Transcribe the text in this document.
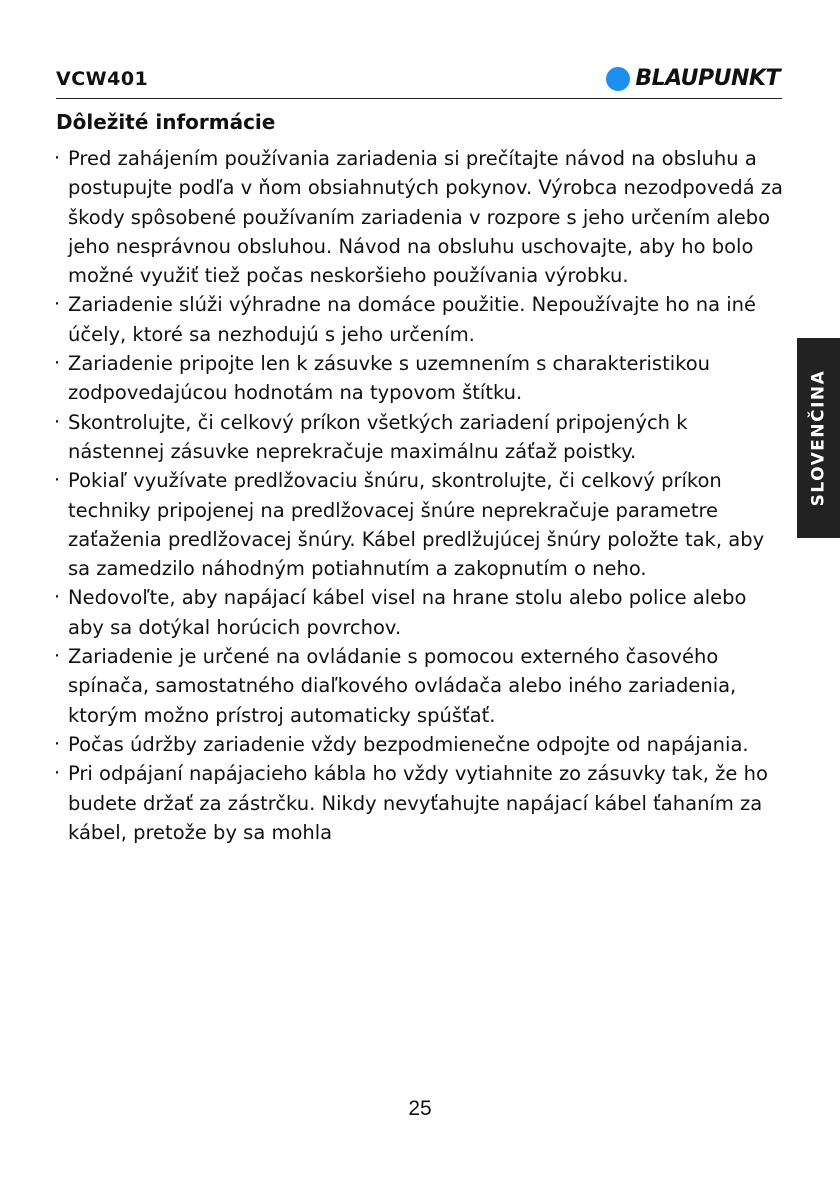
VCW401	BLAUPUNKT
Dôležité informácie
· Pred zahájením používania zariadenia si prečítajte návod na obsluhu a postupujte podľa v ňom obsiahnutých pokynov. Výrobca nezodpovedá za škody spôsobené používaním zariadenia v rozpore s jeho určením alebo jeho nesprávnou obsluhou. Návod na obsluhu uschovajte, aby ho bolo možné využiť tiež počas neskoršieho používania výrobku.
· Zariadenie slúži výhradne na domáce použitie. Nepoužívajte ho na iné účely, ktoré sa nezhodujú s jeho určením.
· Zariadenie pripojte len k zásuvke s uzemnením s charakteristikou zodpovedajúcou hodnotám na typovom štítku.
· Skontrolujte, či celkový príkon všetkých zariadení pripojených k nástennej zásuvke neprekračuje maximálnu záťaž poistky.
· Pokiaľ využívate predlžovaciu šnúru, skontrolujte, či celkový príkon techniky pripojenej na predlžovacej šnúre neprekračuje parametre zaťaženia predlžovacej šnúry. Kábel predlžujúcej šnúry položte tak, aby sa zamedzilo náhodným potiahnutím a zakopnutím o neho.
· Nedovoľte, aby napájací kábel visel na hrane stolu alebo police alebo aby sa dotýkal horúcich povrchov.
· Zariadenie je určené na ovládanie s pomocou externého časového spínača, samostatného diaľkového ovládača alebo iného zariadenia, ktorým možno prístroj automaticky spúšťať.
· Počas údržby zariadenie vždy bezpodmienečne odpojte od napájania.
· Pri odpájaní napájacieho kábla ho vždy vytiahnite zo zásuvky tak, že ho budete držať za zástrčku. Nikdy nevyťahujte napájací kábel ťahaním za kábel, pretože by sa mohla
SLOVENČINA
25
